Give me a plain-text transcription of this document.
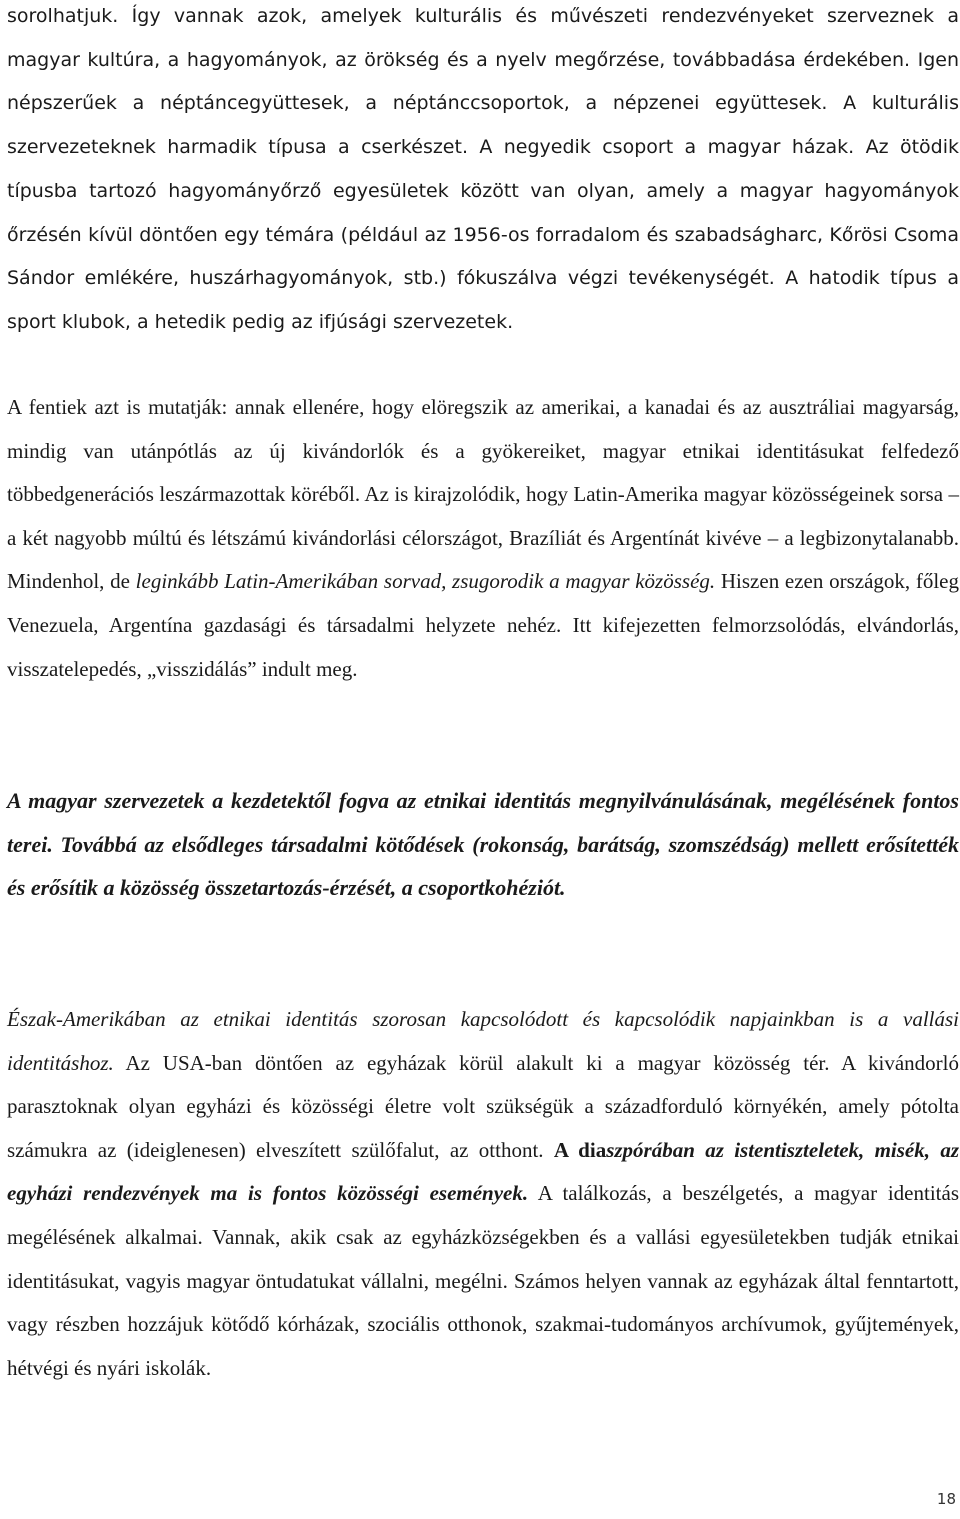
sorolhatjuk. Így vannak azok, amelyek kulturális és művészeti rendezvényeket szerveznek a magyar kultúra, a hagyományok, az örökség és a nyelv megőrzése, továbbadása érdekében. Igen népszerűek a néptáncegyüttesek, a néptánccsoportok, a népzenei együttesek. A kulturális szervezeteknek harmadik típusa a cserkészet. A negyedik csoport a magyar házak. Az ötödik típusba tartozó hagyományőrző egyesületek között van olyan, amely a magyar hagyományok őrzésén kívül döntően egy témára (például az 1956-os forradalom és szabadságharc, Kőrösi Csoma Sándor emlékére, huszárhagyományok, stb.) fókuszálva végzi tevékenységét. A hatodik típus a sport klubok, a hetedik pedig az ifjúsági szervezetek.

A fentiek azt is mutatják: annak ellenére, hogy elöregszik az amerikai, a kanadai és az ausztráliai magyarság, mindig van utánpótlás az új kivándorlók és a gyökereiket, magyar etnikai identitásukat felfedező többedgenerációs leszármazottak köréből. Az is kirajzolódik, hogy Latin-Amerika magyar közösségeinek sorsa – a két nagyobb múltú és létszámú kivándorlási célországot, Brazíliát és Argentínát kivéve – a legbizonytalanabb. Mindenhol, de leginkább Latin-Amerikában sorvad, zsugorodik a magyar közösség. Hiszen ezen országok, főleg Venezuela, Argentína gazdasági és társadalmi helyzete nehéz. Itt kifejezetten felmorzsolódás, elvándorlás, visszatelepedés, „visszidálás” indult meg.

A magyar szervezetek a kezdetektől fogva az etnikai identitás megnyilvánulásának, megélésének fontos terei. Továbbá az elsődleges társadalmi kötődések (rokonság, barátság, szomszédság) mellett erősítették és erősítik a közösség összetartozás-érzését, a csoportkohéziót.

Észak-Amerikában az etnikai identitás szorosan kapcsolódott és kapcsolódik napjainkban is a vallási identitáshoz. Az USA-ban döntően az egyházak körül alakult ki a magyar közösség tér. A kivándorló parasztoknak olyan egyházi és közösségi életre volt szükségük a századforduló környékén, amely pótolta számukra az (ideiglenesen) elveszített szülőfalut, az otthont. A diaszpórában az istentiszteletek, misék, az egyházi rendezvények ma is fontos közösségi események. A találkozás, a beszélgetés, a magyar identitás megélésének alkalmai. Vannak, akik csak az egyházközségekben és a vallási egyesületekben tudják etnikai identitásukat, vagyis magyar öntudatukat vállalni, megélni. Számos helyen vannak az egyházak által fenntartott, vagy részben hozzájuk kötődő kórházak, szociális otthonok, szakmai-tudományos archívumok, gyűjtemények, hétvégi és nyári iskolák.

18
